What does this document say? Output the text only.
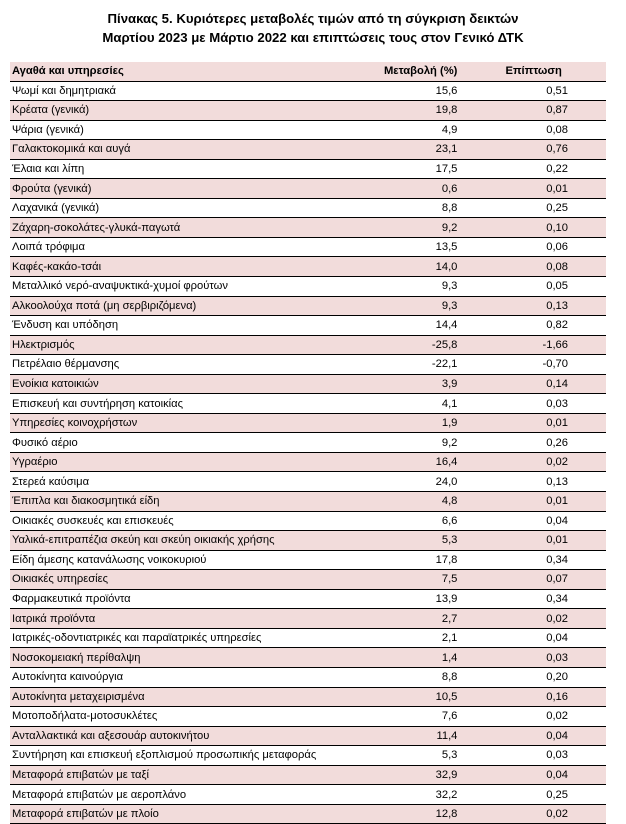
Πίνακας 5. Κυριότερες μεταβολές τιμών από τη σύγκριση δεικτών
Μαρτίου 2023 με Μάρτιο 2022 και επιπτώσεις τους στον Γενικό ΔΤΚ
Αγαθά και υπηρεσίες	Μεταβολή (%)	Επίπτωση
Ψωμί και δημητριακά	15,6	0,51
Κρέατα (γενικά)	19,8	0,87
Ψάρια (γενικά)	4,9	0,08
Γαλακτοκομικά και αυγά	23,1	0,76
Έλαια και λίπη	17,5	0,22
Φρούτα (γενικά)	0,6	0,01
Λαχανικά (γενικά)	8,8	0,25
Ζάχαρη-σοκολάτες-γλυκά-παγωτά	9,2	0,10
Λοιπά τρόφιμα	13,5	0,06
Καφές-κακάο-τσάι	14,0	0,08
Μεταλλικό νερό-αναψυκτικά-χυμοί φρούτων	9,3	0,05
Αλκοολούχα ποτά (μη σερβιριζόμενα)	9,3	0,13
Ένδυση και υπόδηση	14,4	0,82
Ηλεκτρισμός	-25,8	-1,66
Πετρέλαιο θέρμανσης	-22,1	-0,70
Ενοίκια κατοικιών	3,9	0,14
Επισκευή και συντήρηση κατοικίας	4,1	0,03
Υπηρεσίες κοινοχρήστων	1,9	0,01
Φυσικό αέριο	9,2	0,26
Υγραέριο	16,4	0,02
Στερεά καύσιμα	24,0	0,13
Έπιπλα και διακοσμητικά είδη	4,8	0,01
Οικιακές συσκευές και επισκευές	6,6	0,04
Υαλικά-επιτραπέζια σκεύη και σκεύη οικιακής χρήσης	5,3	0,01
Είδη άμεσης κατανάλωσης νοικοκυριού	17,8	0,34
Οικιακές υπηρεσίες	7,5	0,07
Φαρμακευτικά προϊόντα	13,9	0,34
Ιατρικά προϊόντα	2,7	0,02
Ιατρικές-οδοντιατρικές και παραϊατρικές υπηρεσίες	2,1	0,04
Νοσοκομειακή περίθαλψη	1,4	0,03
Αυτοκίνητα καινούργια	8,8	0,20
Αυτοκίνητα μεταχειρισμένα	10,5	0,16
Μοτοποδήλατα-μοτοσυκλέτες	7,6	0,02
Ανταλλακτικά και αξεσουάρ αυτοκινήτου	11,4	0,04
Συντήρηση και επισκευή εξοπλισμού προσωπικής μεταφοράς	5,3	0,03
Μεταφορά επιβατών με ταξί	32,9	0,04
Μεταφορά επιβατών με αεροπλάνο	32,2	0,25
Μεταφορά επιβατών με πλοίο	12,8	0,02
